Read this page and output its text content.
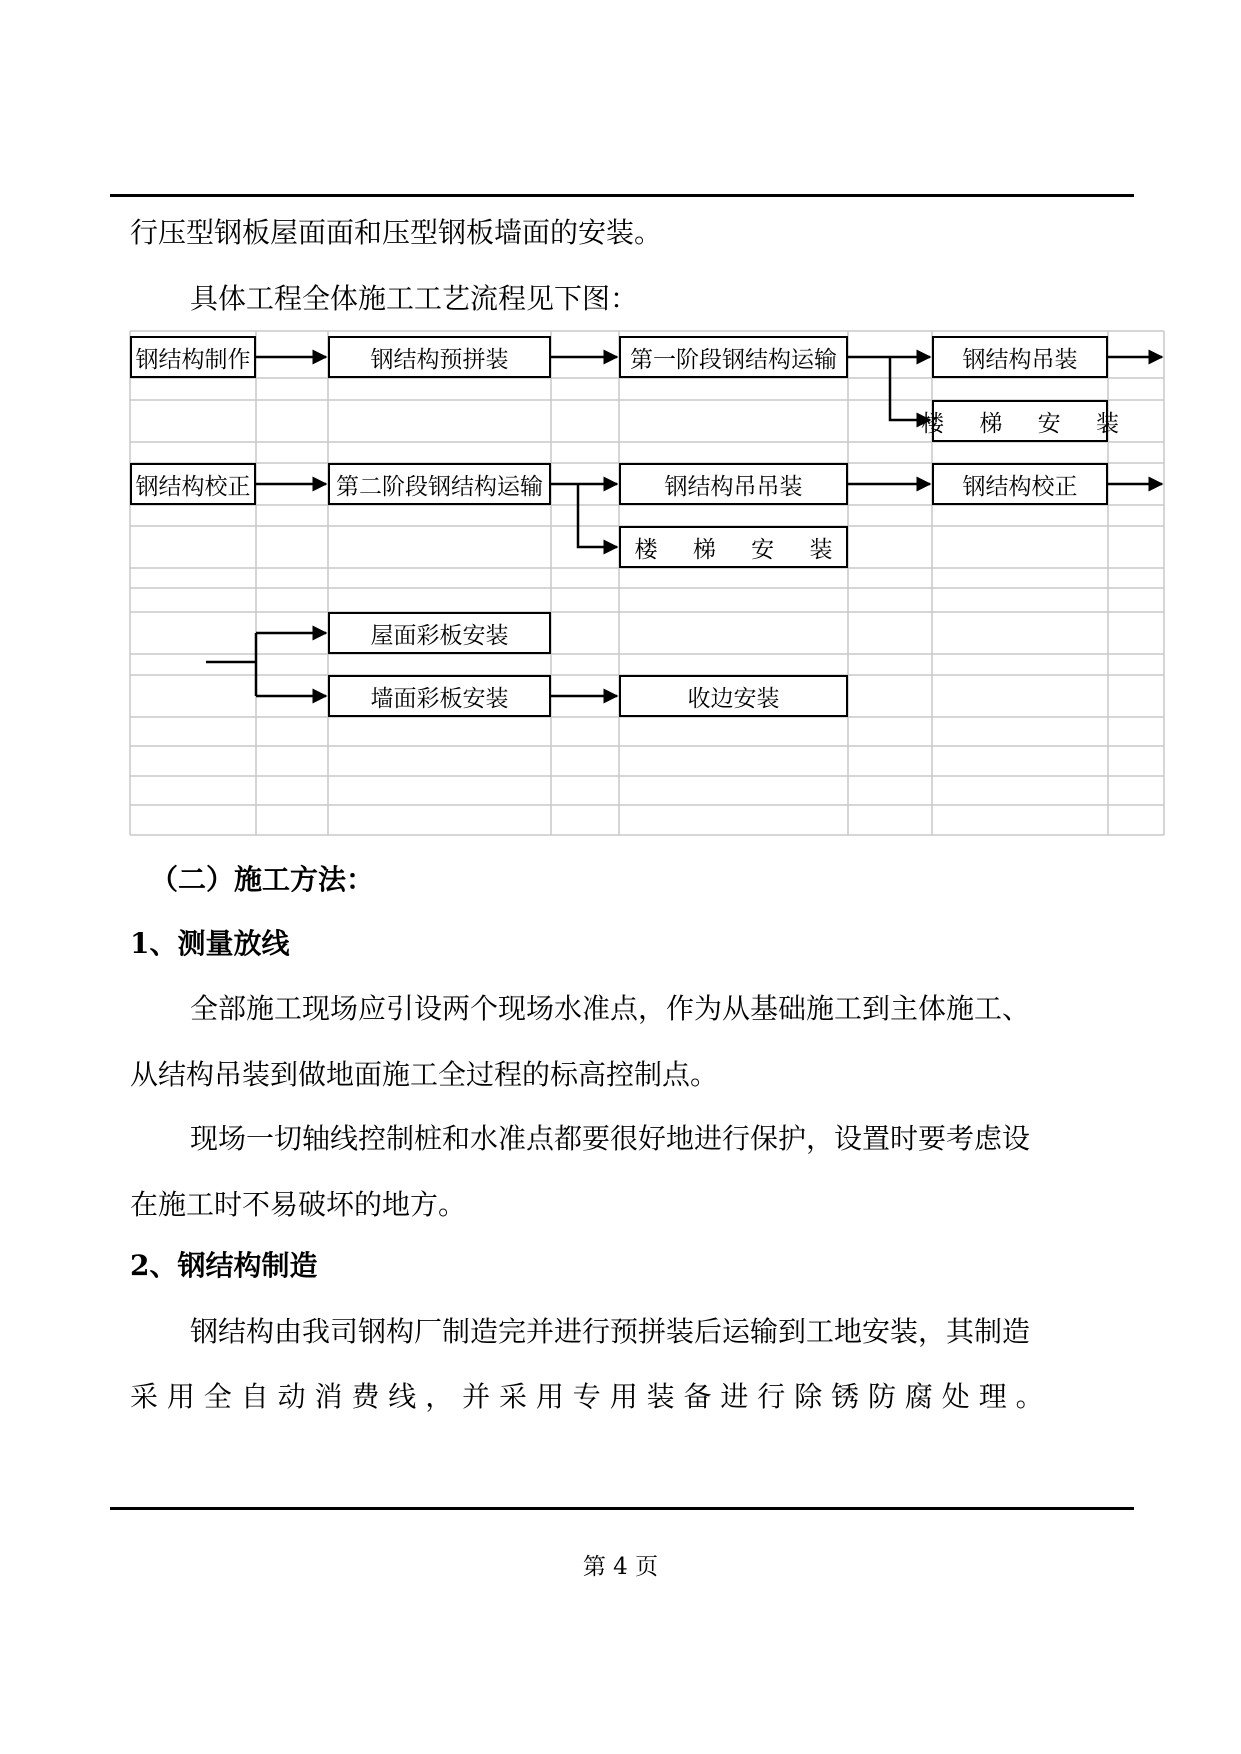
行压型钢板屋面面和压型钢板墙面的安装。
具体工程全体施工工艺流程见下图：
钢结构制作	钢结构预拼装	第一阶段钢结构运输	钢结构吊装
楼 梯 安 装
钢结构校正	第二阶段钢结构运输	钢结构吊吊装	钢结构校正
楼 梯 安 装
屋面彩板安装
墙面彩板安装	收边安装
（二）施工方法：
1、测量放线
全部施工现场应引设两个现场水准点，作为从基础施工到主体施工、
从结构吊装到做地面施工全过程的标高控制点。
现场一切轴线控制桩和水准点都要很好地进行保护，设置时要考虑设
在施工时不易破坏的地方。
2、钢结构制造
钢结构由我司钢构厂制造完并进行预拼装后运输到工地安装，其制造
采 用 全 自 动 消 费 线 ， 并 采 用 专 用 装 备 进 行 除 锈 防 腐 处 理 。
第 4 页
